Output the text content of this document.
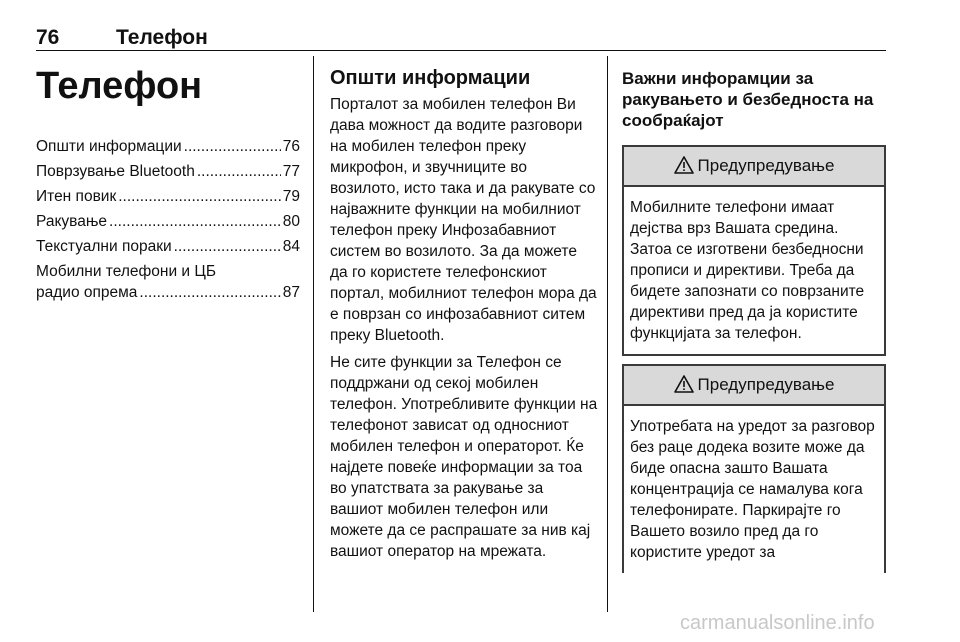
76	Телефон
Телефон
Општи информации .....	76
Поврзување Bluetooth .....	77
Итен повик .....	79
Ракување .....	80
Текстуални пораки .....	84
Мобилни телефони и ЦБ
радио опрема .....	87
Општи информации

Порталот за мобилен телефон Ви дава можност да водите разговори на мобилен телефон преку микрофон, и звучниците во возилото, исто така и да ракувате со најважните функции на мобилниот телефон преку Инфозабавниот систем во возилото. За да можете да го користете телефонскиот портал, мобилниот телефон мора да е поврзан со инфозабавниот ситем преку Bluetooth.

Не сите функции за Телефон се поддржани од секој мобилен телефон. Употребливите функции на телефонот зависат од односниот мобилен телефон и операторот. Ќе најдете повеќе информации за тоа во упатствата за ракување за вашиот мобилен телефон или можете да се распрашате за нив кај вашиот оператор на мрежата.

Важни инфорамции за ракувањето и безбедноста на сообраќајот
Предупредување
Мобилните телефони имаат дејства врз Вашата средина. Затоа се изготвени безбедносни прописи и директиви. Треба да бидете запознати со поврзаните директиви пред да ја користите функцијата за телефон.
Предупредување
Употребата на уредот за разговор без раце додека возите може да биде опасна зашто Вашата концентрација се намалува кога телефонирате. Паркирајте го Вашето возило пред да го користите уредот за
carmanualsonline.info
